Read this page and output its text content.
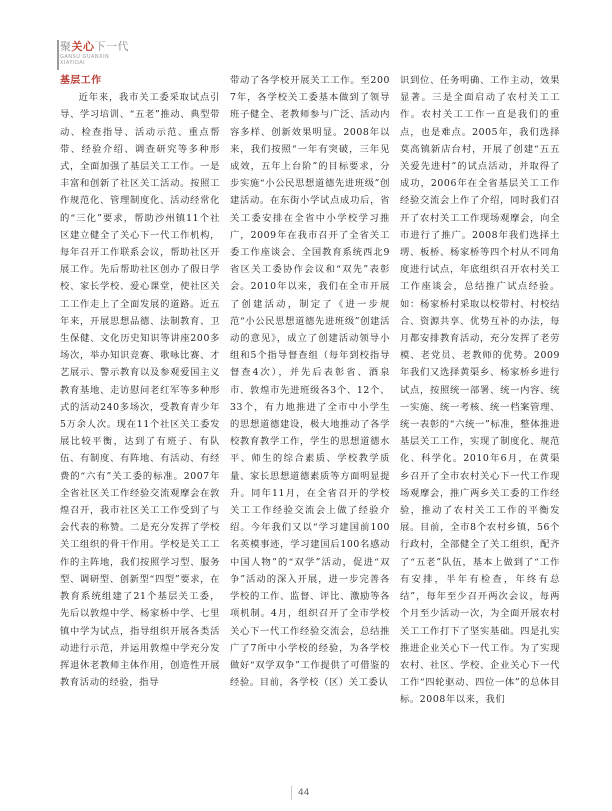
聚关心下一代
GANSU GUANXIN
XIAYIDAI
基层工作

近年来，我市关工委采取试点引导、学习培训、“五老”推动、典型带动、检查指导、活动示范、重点帮带、经验介绍、调查研究等多种形式，全面加强了基层关工工作。一是丰富和创新了社区关工活动。按照工作规范化、管理制度化、活动经常化的“三化”要求，帮助沙州镇11个社区建立健全了关心下一代工作机构，每年召开工作联系会议，帮助社区开展工作。先后帮助社区创办了假日学校、家长学校、爱心课堂，使社区关工工作走上了全面发展的道路。近五年来，开展思想品德、法制教育、卫生保健、文化历史知识等讲座200多场次，举办知识竞赛、歌咏比赛、才艺展示、警示教育以及参观爱国主义教育基地、走访慰问老红军等多种形式的活动240多场次，受教育青少年5万余人次。现在11个社区关工委发展比较平衡，达到了有班子、有队伍、有制度、有阵地、有活动、有经费的“六有”关工委的标准。2007年全省社区关工作经验交流观摩会在敦煌召开，我市社区关工工作受到了与会代表的称赞。二是充分发挥了学校关工组织的骨干作用。学校是关工工作的主阵地，我们按照学习型、服务型、调研型、创新型“四型”要求，在教育系统组建了21个基层关工委，先后以敦煌中学、杨家桥中学、七里镇中学为试点，指导组织开展各类活动进行示范，并运用敦煌中学充分发挥退休老教师主体作用，创造性开展教育活动的经验，指导

带动了各学校开展关工工作。至2007年，各学校关工委基本做到了领导班子健全、老教师参与广泛、活动内容多样、创新效果明显。2008年以来，我们按照“一年有突破，三年见成效，五年上台阶”的目标要求，分步实施“小公民思想道德先进班级”创建活动。在东街小学试点成功后，省关工委安排在全省中小学校学习推广，2009年在我市召开了全省关工委工作座谈会、全国教育系统西北9省区关工委协作会议和“双先”表彰会。2010年以来，我们在全市开展了创建活动，制定了《进一步规范“小公民思想道德先进班级”创建活动的意见》，成立了创建活动领导小组和5个指导督查组（每年到校指导督查4次），并先后表彰省、酒泉市、敦煌市先进班级各3个、12个、33个，有力地推进了全市中小学生的思想道德建设，极大地推动了各学校教育教学工作，学生的思想道德水平、师生的综合素质、学校教学质量、家长思想道德素质等方面明显提升。同年11月，在全省召开的学校关工工作经验交流会上做了经验介绍。今年我们又以“学习建国前100名英模事迹，学习建国后100名感动中国人物”的“双学”活动，促进“双争”活动的深入开展，进一步完善各学校的工作、监督、评比、激励等各项机制。4月，组织召开了全市学校关心下一代工作经验交流会，总结推广了7所中小学校的经验，为各学校做好“双学双争”工作提供了可借鉴的经验。目前，各学校（区）关工委认

识到位、任务明确、工作主动，效果显著。三是全面启动了农村关工工作。农村关工工作一直是我们的重点，也是难点。2005年，我们选择莫高镇新店台村，开展了创建“五五关爱先进村”的试点活动，并取得了成功，2006年在全省基层关工工作经验交流会上作了介绍，同时我们召开了农村关工工作现场观摩会，向全市进行了推广。2008年我们选择土塄、板桥、杨家桥等四个村从不同角度进行试点，年底组织召开农村关工工作座谈会，总结推广试点经验。如：杨家桥村采取以校带村、村校结合、资源共享、优势互补的办法，每月都安排教育活动，充分发挥了老劳模、老党员、老教师的优势。2009年我们又选择黄渠乡、杨家桥乡进行试点，按照统一部署、统一内容、统一实施、统一考核、统一档案管理、统一表彰的“六统一”标准，整体推进基层关工工作，实现了制度化、规范化、科学化。2010年6月，在黄渠乡召开了全市农村关心下一代工作现场观摩会，推广两乡关工委的工作经验，推动了农村关工工作的平衡发展。目前，全市8个农村乡镇，56个行政村，全部健全了关工组织，配齐了“五老”队伍，基本上做到了“工作有安排，半年有检查，年终有总结”，每年至少召开两次会议，每两个月至少活动一次，为全面开展农村关工工作打下了坚实基础。四是扎实推进企业关心下一代工作。为了实现农村、社区、学校、企业关心下一代工作“四轮驱动、四位一体”的总体目标。2008年以来，我们

44
